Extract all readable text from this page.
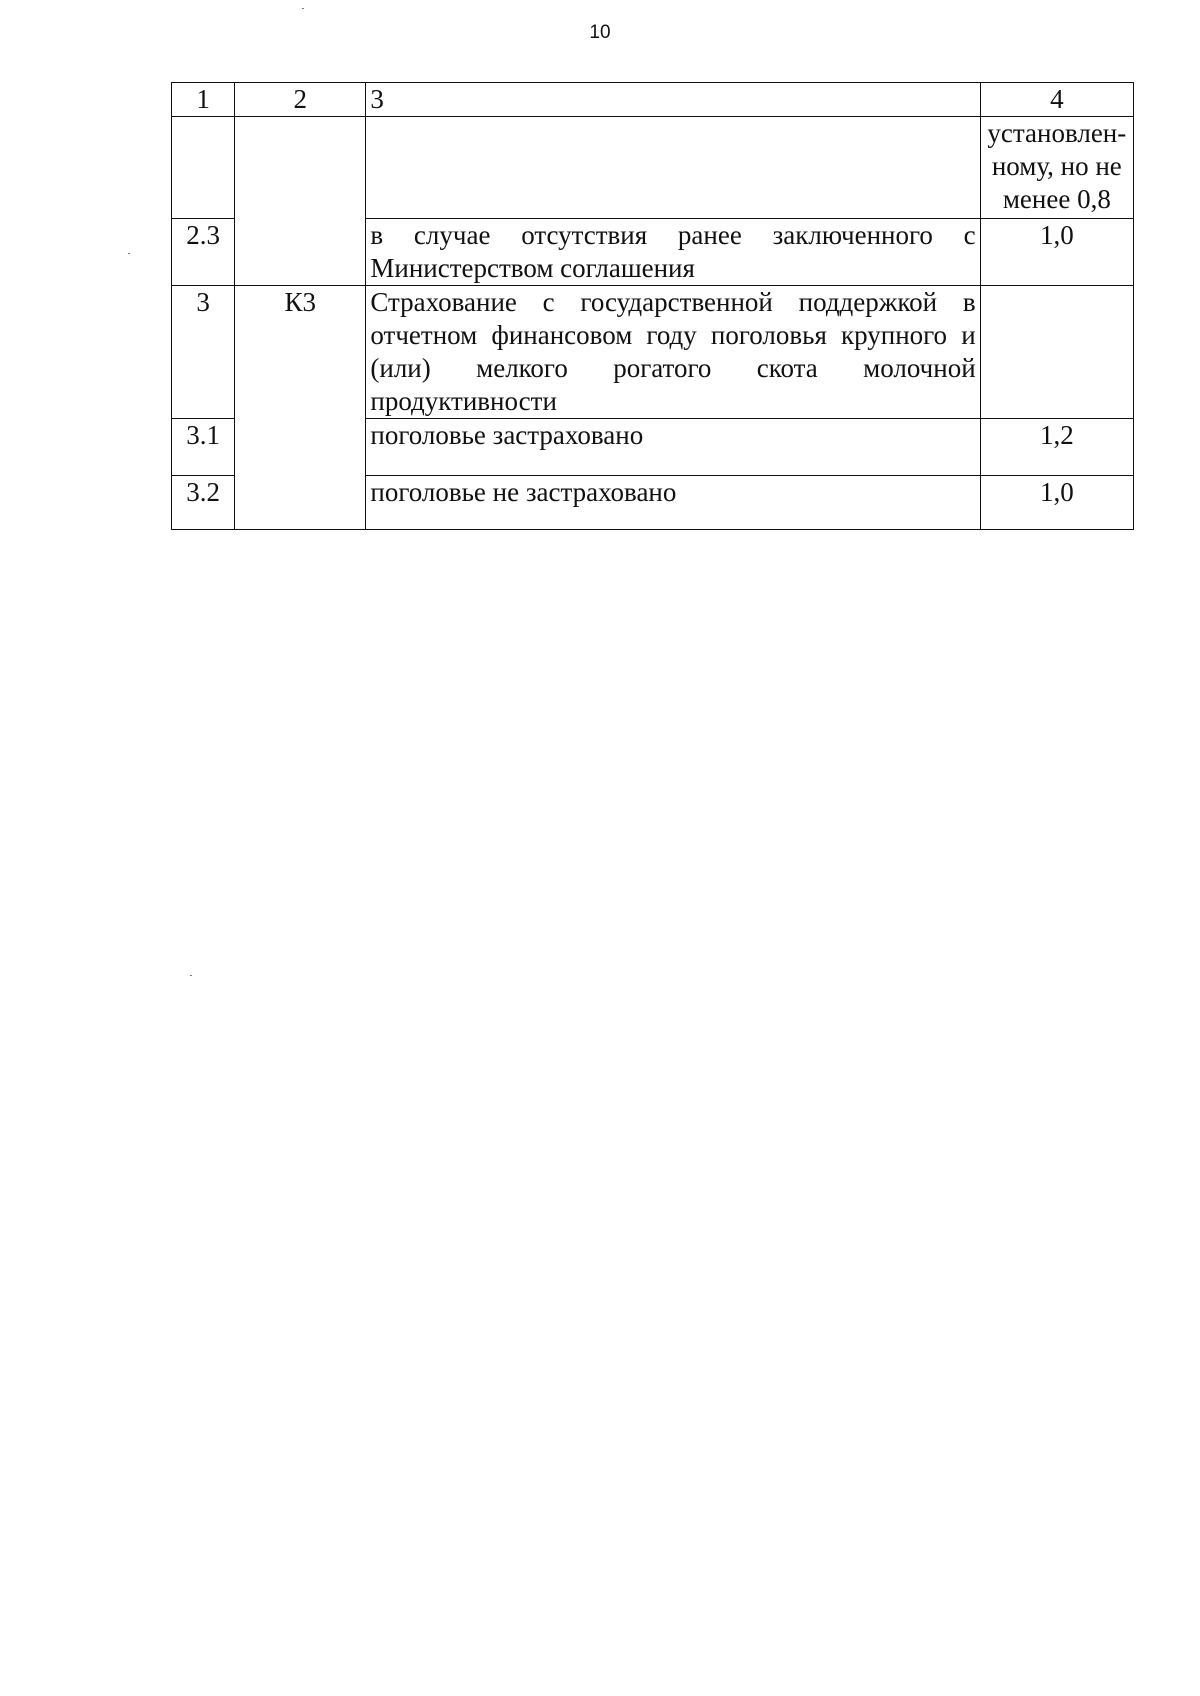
10
1	2	3	4

			установлен-
ному, но не
менее 0,8

2.3		в случае отсутствия ранее заключенного с Министерством соглашения	1,0
3	К3	Страхование с государственной поддержкой в отчетном финансовом году поголовья крупного и (или) мелкого рогатого скота молочной продуктивности	
3.1		поголовье застраховано	1,2
3.2		поголовье не застраховано	1,0
